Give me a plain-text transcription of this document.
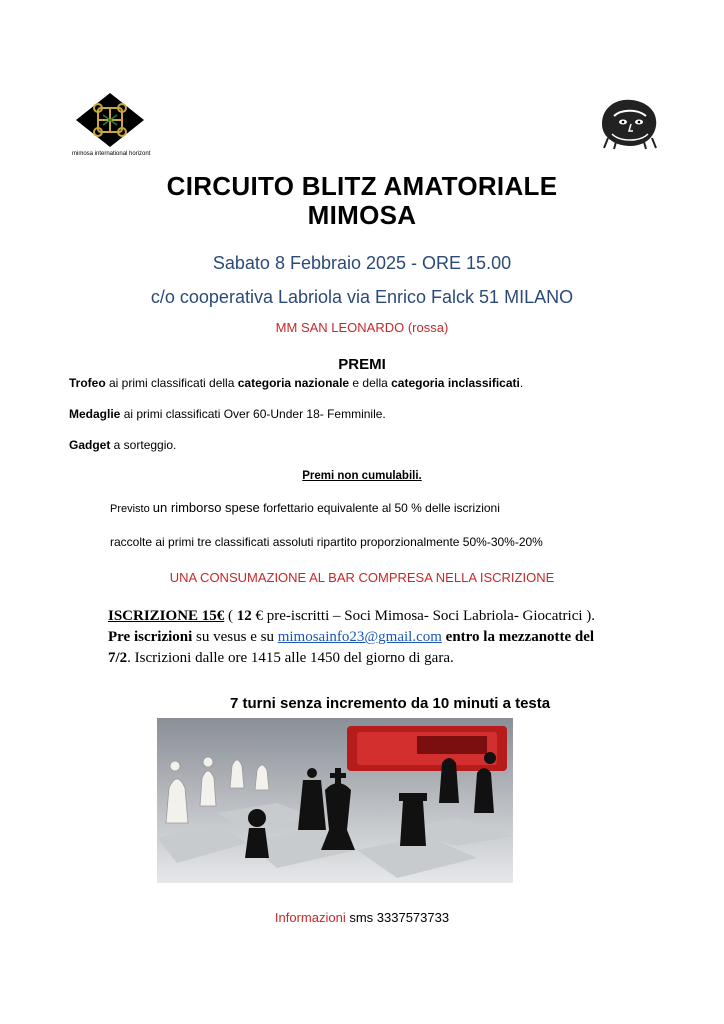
mimosa international horizont
CIRCUITO BLITZ AMATORIALE
MIMOSA
Sabato 8 Febbraio 2025 - ORE 15.00
c/o cooperativa Labriola via Enrico Falck 51 MILANO
MM SAN LEONARDO (rossa)
PREMI
Trofeo ai primi classificati della categoria nazionale e della categoria inclassificati.
Medaglie ai primi classificati Over 60-Under 18- Femminile.
Gadget a sorteggio.
Premi non cumulabili.
Previsto un rimborso spese forfettario equivalente al 50 % delle iscrizioni
raccolte ai primi tre classificati assoluti ripartito proporzionalmente 50%-30%-20%
UNA CONSUMAZIONE AL BAR COMPRESA NELLA ISCRIZIONE
ISCRIZIONE 15€ ( 12 € pre-iscritti – Soci Mimosa- Soci Labriola- Giocatrici ).
Pre iscrizioni su vesus e su mimosainfo23@gmail.com entro la mezzanotte del
7/2. Iscrizioni dalle ore 1415 alle 1450 del giorno di gara.
7 turni senza incremento da 10 minuti a testa
Informazioni sms 3337573733
